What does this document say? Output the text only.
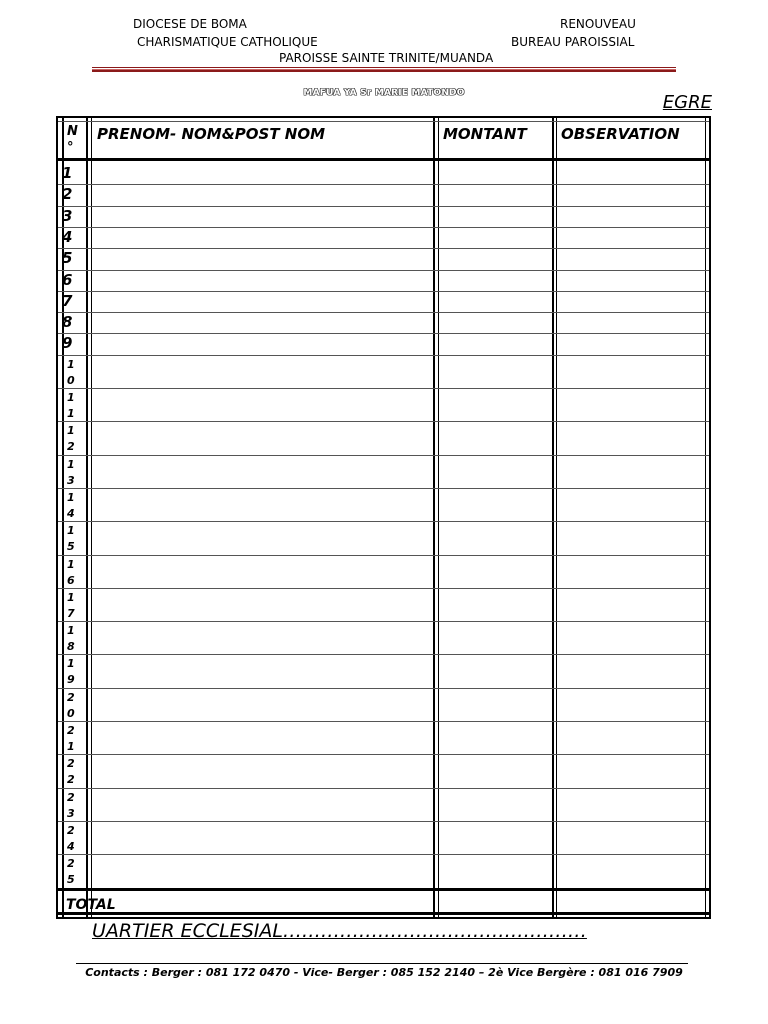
DIOCESE DE BOMA
CHARISMATIQUE CATHOLIQUE
RENOUVEAU
BUREAU PAROISSIAL
PAROISSE SAINTE TRINITE/MUANDA
MAFUA YA Sr MARIE MATONDO	EGRE
N
°
PRENOM- NOM&POST NOM	MONTANT OBSERVATION
1
2
3
4
5
6
7
8
9
1
0
1
1
1
2
1
3
1
4
1
5
1
6
1
7
1
8
1
9
2
0
2
1
2
2
2
3
2
4
2
5
TOTAL
UARTIER ECCLESIAL…………………………………………
Contacts : Berger : 081 172 0470 - Vice- Berger : 085 152 2140 – 2è Vice Bergère : 081 016 7909
